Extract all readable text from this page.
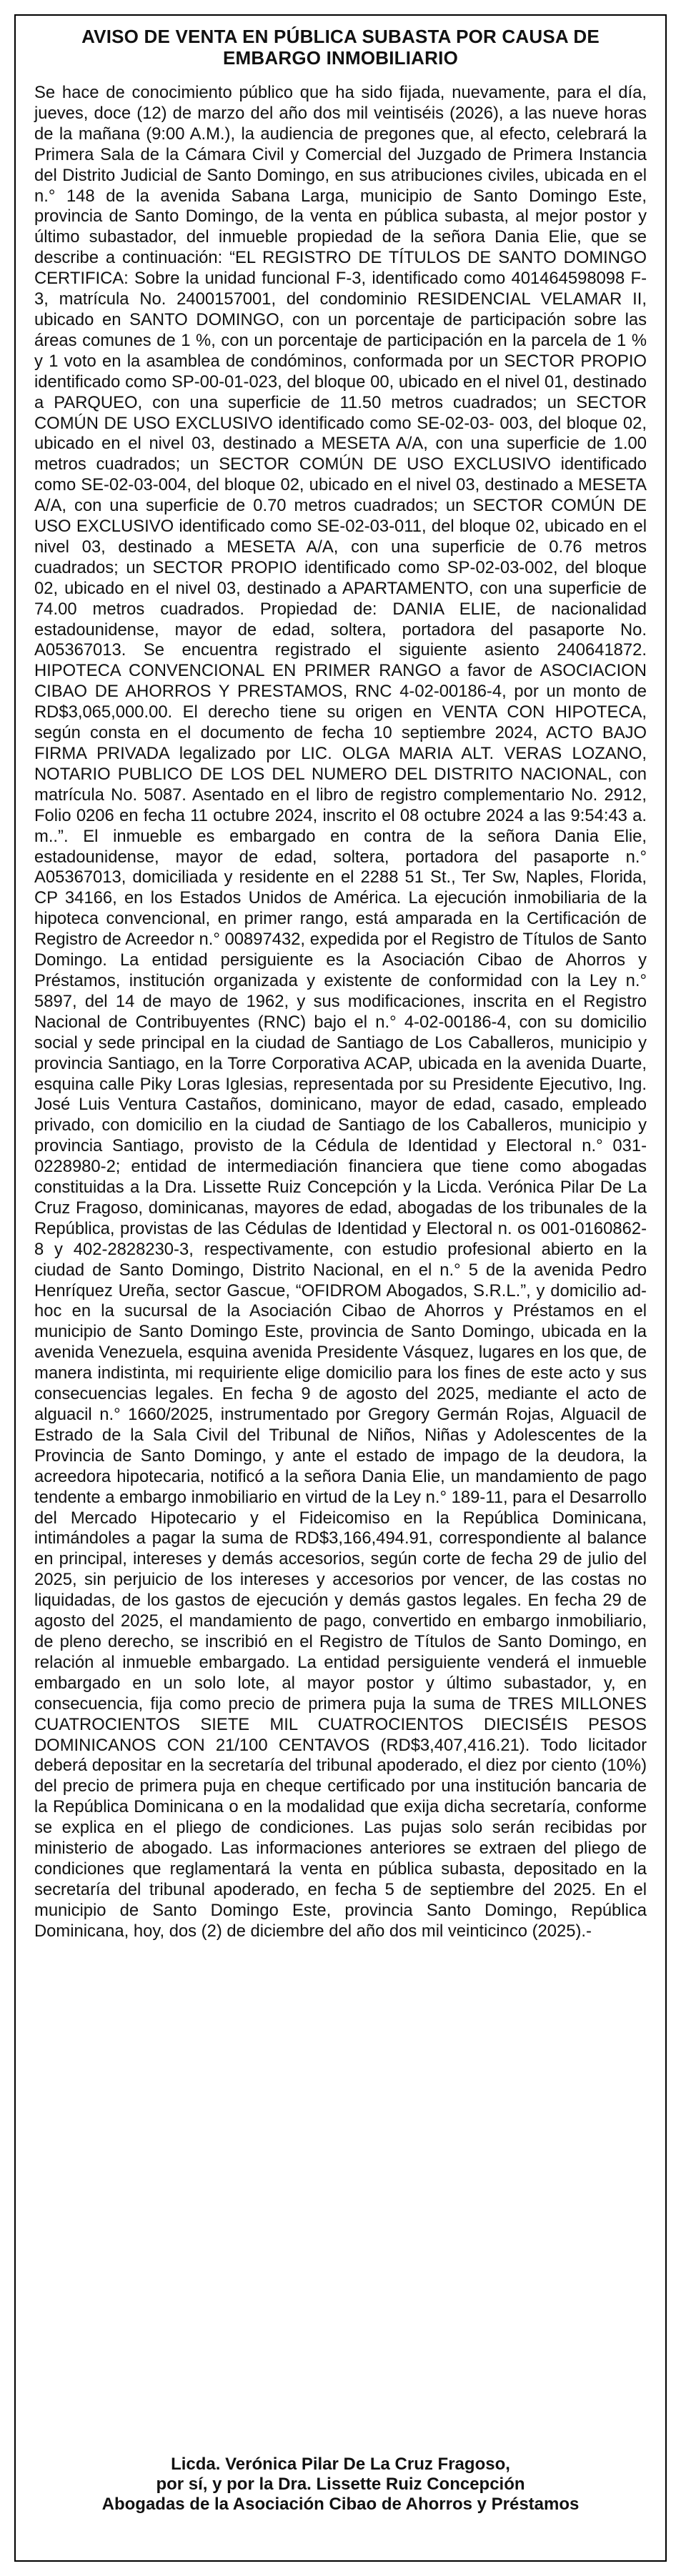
AVISO DE VENTA EN PÚBLICA SUBASTA POR CAUSA DE
EMBARGO INMOBILIARIO
Se hace de conocimiento público que ha sido fijada, nuevamente, para el día, jueves, doce (12) de marzo del año dos mil veintiséis (2026), a las nueve horas de la mañana (9:00 A.M.), la audiencia de pregones que, al efecto, celebrará la Primera Sala de la Cámara Civil y Comercial del Juzgado de Primera Instancia del Distrito Judicial de Santo Domingo, en sus atribuciones civiles, ubicada en el n.° 148 de la avenida Sabana Larga, municipio de Santo Domingo Este, provincia de Santo Domingo, de la venta en pública subasta, al mejor postor y último subastador, del inmueble propiedad de la señora Dania Elie, que se describe a continuación: “EL REGISTRO DE TÍTULOS DE SANTO DOMINGO CERTIFICA: Sobre la unidad funcional F-3, identificado como 401464598098 F-3, matrícula No. 2400157001, del condominio RESIDENCIAL VELAMAR II, ubicado en SANTO DOMINGO, con un porcentaje de participación sobre las áreas comunes de 1 %, con un porcentaje de participación en la parcela de 1 % y 1 voto en la asamblea de condóminos, conformada por un SECTOR PROPIO identificado como SP-00-01-023, del bloque 00, ubicado en el nivel 01, destinado a PARQUEO, con una superficie de 11.50 metros cuadrados; un SECTOR COMÚN DE USO EXCLUSIVO identificado como SE-02-03- 003, del bloque 02, ubicado en el nivel 03, destinado a MESETA A/A, con una superficie de 1.00 metros cuadrados; un SECTOR COMÚN DE USO EXCLUSIVO identificado como SE-02-03-004, del bloque 02, ubicado en el nivel 03, destinado a MESETA A/A, con una superficie de 0.70 metros cuadrados; un SECTOR COMÚN DE USO EXCLUSIVO identificado como SE-02-03-011, del bloque 02, ubicado en el nivel 03, destinado a MESETA A/A, con una superficie de 0.76 metros cuadrados; un SECTOR PROPIO identificado como SP-02-03-002, del bloque 02, ubicado en el nivel 03, destinado a APARTAMENTO, con una superficie de 74.00 metros cuadrados. Propiedad de: DANIA ELIE, de nacionalidad estadounidense, mayor de edad, soltera, portadora del pasaporte No. A05367013. Se encuentra registrado el siguiente asiento 240641872. HIPOTECA CONVENCIONAL EN PRIMER RANGO a favor de ASOCIACION CIBAO DE AHORROS Y PRESTAMOS, RNC 4-02-00186-4, por un monto de RD$3,065,000.00. El derecho tiene su origen en VENTA CON HIPOTECA, según consta en el documento de fecha 10 septiembre 2024, ACTO BAJO FIRMA PRIVADA legalizado por LIC. OLGA MARIA ALT. VERAS LOZANO, NOTARIO PUBLICO DE LOS DEL NUMERO DEL DISTRITO NACIONAL, con matrícula No. 5087. Asentado en el libro de registro complementario No. 2912, Folio 0206 en fecha 11 octubre 2024, inscrito el 08 octubre 2024 a las 9:54:43 a. m..”. El inmueble es embargado en contra de la señora Dania Elie, estadounidense, mayor de edad, soltera, portadora del pasaporte n.° A05367013, domiciliada y residente en el 2288 51 St., Ter Sw, Naples, Florida, CP 34166, en los Estados Unidos de América. La ejecución inmobiliaria de la hipoteca convencional, en primer rango, está amparada en la Certificación de Registro de Acreedor n.° 00897432, expedida por el Registro de Títulos de Santo Domingo. La entidad persiguiente es la Asociación Cibao de Ahorros y Préstamos, institución organizada y existente de conformidad con la Ley n.° 5897, del 14 de mayo de 1962, y sus modificaciones, inscrita en el Registro Nacional de Contribuyentes (RNC) bajo el n.° 4-02-00186-4, con su domicilio social y sede principal en la ciudad de Santiago de Los Caballeros, municipio y provincia Santiago, en la Torre Corporativa ACAP, ubicada en la avenida Duarte, esquina calle Piky Loras Iglesias, representada por su Presidente Ejecutivo, Ing. José Luis Ventura Castaños, dominicano, mayor de edad, casado, empleado privado, con domicilio en la ciudad de Santiago de los Caballeros, municipio y provincia Santiago, provisto de la Cédula de Identidad y Electoral n.° 031-0228980-2; entidad de intermediación financiera que tiene como abogadas constituidas a la Dra. Lissette Ruiz Concepción y la Licda. Verónica Pilar De La Cruz Fragoso, dominicanas, mayores de edad, abogadas de los tribunales de la República, provistas de las Cédulas de Identidad y Electoral n. os 001-0160862-8 y 402-2828230-3, respectivamente, con estudio profesional abierto en la ciudad de Santo Domingo, Distrito Nacional, en el n.° 5 de la avenida Pedro Henríquez Ureña, sector Gascue, “OFIDROM Abogados, S.R.L.”, y domicilio ad-hoc en la sucursal de la Asociación Cibao de Ahorros y Préstamos en el municipio de Santo Domingo Este, provincia de Santo Domingo, ubicada en la avenida Venezuela, esquina avenida Presidente Vásquez, lugares en los que, de manera indistinta, mi requiriente elige domicilio para los fines de este acto y sus consecuencias legales. En fecha 9 de agosto del 2025, mediante el acto de alguacil n.° 1660/2025, instrumentado por Gregory Germán Rojas, Alguacil de Estrado de la Sala Civil del Tribunal de Niños, Niñas y Adolescentes de la Provincia de Santo Domingo, y ante el estado de impago de la deudora, la acreedora hipotecaria, notificó a la señora Dania Elie, un mandamiento de pago tendente a embargo inmobiliario en virtud de la Ley n.° 189-11, para el Desarrollo del Mercado Hipotecario y el Fideicomiso en la República Dominicana, intimándoles a pagar la suma de RD$3,166,494.91, correspondiente al balance en principal, intereses y demás accesorios, según corte de fecha 29 de julio del 2025, sin perjuicio de los intereses y accesorios por vencer, de las costas no liquidadas, de los gastos de ejecución y demás gastos legales. En fecha 29 de agosto del 2025, el mandamiento de pago, convertido en embargo inmobiliario, de pleno derecho, se inscribió en el Registro de Títulos de Santo Domingo, en relación al inmueble embargado. La entidad persiguiente venderá el inmueble embargado en un solo lote, al mayor postor y último subastador, y, en consecuencia, fija como precio de primera puja la suma de TRES MILLONES CUATROCIENTOS SIETE MIL CUATROCIENTOS DIECISÉIS PESOS DOMINICANOS CON 21/100 CENTAVOS (RD$3,407,416.21). Todo licitador deberá depositar en la secretaría del tribunal apoderado, el diez por ciento (10%) del precio de primera puja en cheque certificado por una institución bancaria de la República Dominicana o en la modalidad que exija dicha secretaría, conforme se explica en el pliego de condiciones. Las pujas solo serán recibidas por ministerio de abogado. Las informaciones anteriores se extraen del pliego de condiciones que reglamentará la venta en pública subasta, depositado en la secretaría del tribunal apoderado, en fecha 5 de septiembre del 2025. En el municipio de Santo Domingo Este, provincia Santo Domingo, República Dominicana, hoy, dos (2) de diciembre del año dos mil veinticinco (2025).-
Licda. Verónica Pilar De La Cruz Fragoso,
por sí, y por la Dra. Lissette Ruiz Concepción
Abogadas de la Asociación Cibao de Ahorros y Préstamos
